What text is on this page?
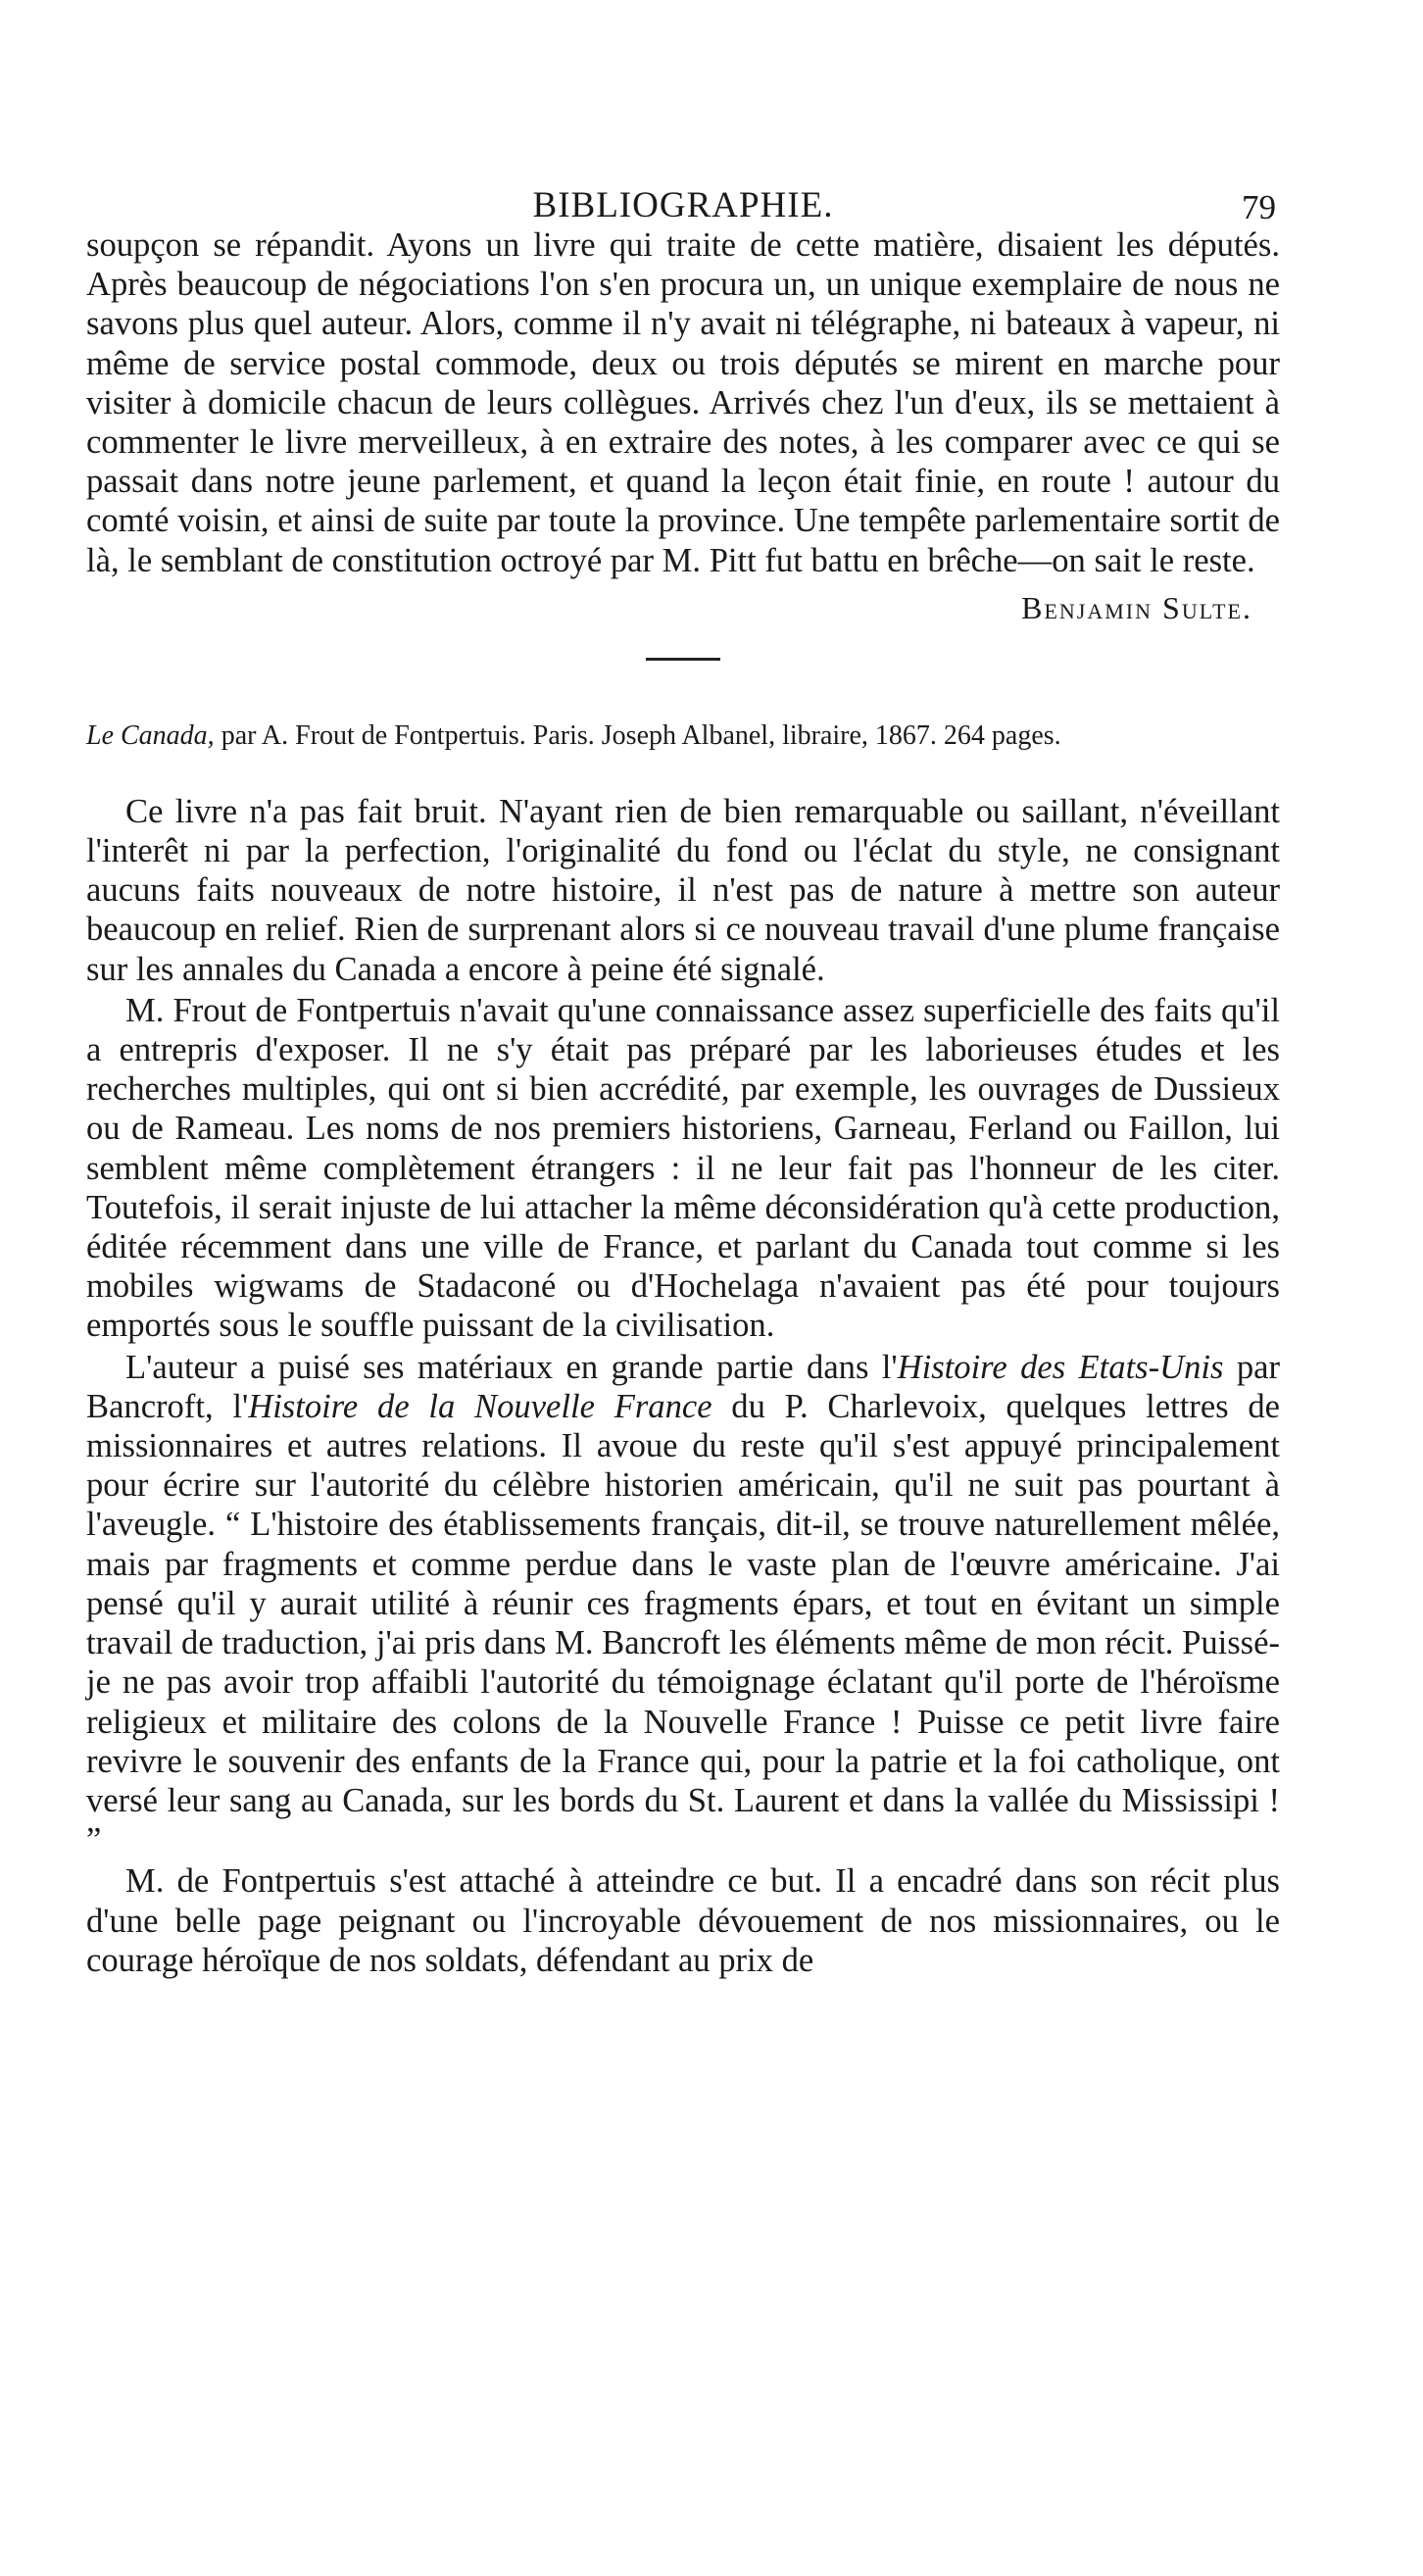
BIBLIOGRAPHIE.	79

soupçon se répandit. Ayons un livre qui traite de cette matière, disaient les députés. Après beaucoup de négociations l'on s'en procura un, un unique exemplaire de nous ne savons plus quel auteur. Alors, comme il n'y avait ni télégraphe, ni bateaux à vapeur, ni même de service postal commode, deux ou trois députés se mirent en marche pour visiter à domicile chacun de leurs collègues. Arrivés chez l'un d'eux, ils se mettaient à commenter le livre merveilleux, à en extraire des notes, à les comparer avec ce qui se passait dans notre jeune parlement, et quand la leçon était finie, en route ! autour du comté voisin, et ainsi de suite par toute la province. Une tempête parlementaire sortit de là, le semblant de constitution octroyé par M. Pitt fut battu en brêche—on sait le reste.

Benjamin Sulte.

Le Canada, par A. Frout de Fontpertuis. Paris. Joseph Albanel, libraire, 1867. 264 pages.

Ce livre n'a pas fait bruit. N'ayant rien de bien remarquable ou saillant, n'éveillant l'interêt ni par la perfection, l'originalité du fond ou l'éclat du style, ne consignant aucuns faits nouveaux de notre histoire, il n'est pas de nature à mettre son auteur beaucoup en relief. Rien de surprenant alors si ce nouveau travail d'une plume française sur les annales du Canada a encore à peine été signalé.

M. Frout de Fontpertuis n'avait qu'une connaissance assez superficielle des faits qu'il a entrepris d'exposer. Il ne s'y était pas préparé par les laborieuses études et les recherches multiples, qui ont si bien accrédité, par exemple, les ouvrages de Dussieux ou de Rameau. Les noms de nos premiers historiens, Garneau, Ferland ou Faillon, lui semblent même complètement étrangers : il ne leur fait pas l'honneur de les citer. Toutefois, il serait injuste de lui attacher la même déconsidération qu'à cette production, éditée récemment dans une ville de France, et parlant du Canada tout comme si les mobiles wigwams de Stadaconé ou d'Hochelaga n'avaient pas été pour toujours emportés sous le souffle puissant de la civilisation.

L'auteur a puisé ses matériaux en grande partie dans l'Histoire des Etats-Unis par Bancroft, l'Histoire de la Nouvelle France du P. Charlevoix, quelques lettres de missionnaires et autres relations. Il avoue du reste qu'il s'est appuyé principalement pour écrire sur l'autorité du célèbre historien américain, qu'il ne suit pas pourtant à l'aveugle. “ L'histoire des établissements français, dit-il, se trouve naturellement mêlée, mais par fragments et comme perdue dans le vaste plan de l'œuvre américaine. J'ai pensé qu'il y aurait utilité à réunir ces fragments épars, et tout en évitant un simple travail de traduction, j'ai pris dans M. Bancroft les éléments même de mon récit. Puissé-je ne pas avoir trop affaibli l'autorité du témoignage éclatant qu'il porte de l'héroïsme religieux et militaire des colons de la Nouvelle France ! Puisse ce petit livre faire revivre le souvenir des enfants de la France qui, pour la patrie et la foi catholique, ont versé leur sang au Canada, sur les bords du St. Laurent et dans la vallée du Mississipi ! ”

M. de Fontpertuis s'est attaché à atteindre ce but. Il a encadré dans son récit plus d'une belle page peignant ou l'incroyable dévouement de nos missionnaires, ou le courage héroïque de nos soldats, défendant au prix de
